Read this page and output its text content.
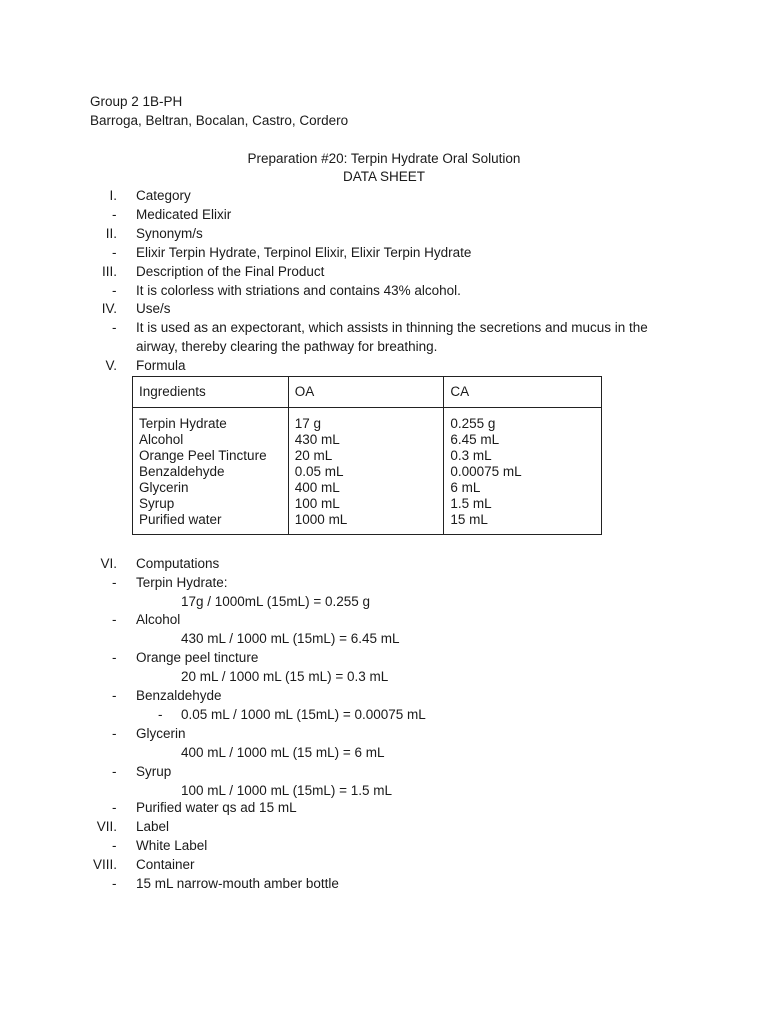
Group 2 1B-PH
Barroga, Beltran, Bocalan, Castro, Cordero
Preparation #20: Terpin Hydrate Oral Solution
DATA SHEET
I. Category
- Medicated Elixir
II. Synonym/s
- Elixir Terpin Hydrate, Terpinol Elixir, Elixir Terpin Hydrate
III. Description of the Final Product
- It is colorless with striations and contains 43% alcohol.
IV. Use/s
- It is used as an expectorant, which assists in thinning the secretions and mucus in the
airway, thereby clearing the pathway for breathing.
V. Formula
Ingredients	OA	CA
Terpin Hydrate	17 g	0.255 g
Alcohol	430 mL	6.45 mL
Orange Peel Tincture	20 mL	0.3 mL
Benzaldehyde	0.05 mL	0.00075 mL
Glycerin	400 mL	6 mL
Syrup	100 mL	1.5 mL
Purified water	1000 mL	15 mL
VI. Computations
- Terpin Hydrate:
17g / 1000mL (15mL) = 0.255 g
- Alcohol
430 mL / 1000 mL (15mL) = 6.45 mL
- Orange peel tincture
20 mL / 1000 mL (15 mL) = 0.3 mL
- Benzaldehyde
- 0.05 mL / 1000 mL (15mL) = 0.00075 mL
- Glycerin
400 mL / 1000 mL (15 mL) = 6 mL
- Syrup
100 mL / 1000 mL (15mL) = 1.5 mL
- Purified water qs ad 15 mL
VII. Label
- White Label
VIII. Container
- 15 mL narrow-mouth amber bottle
